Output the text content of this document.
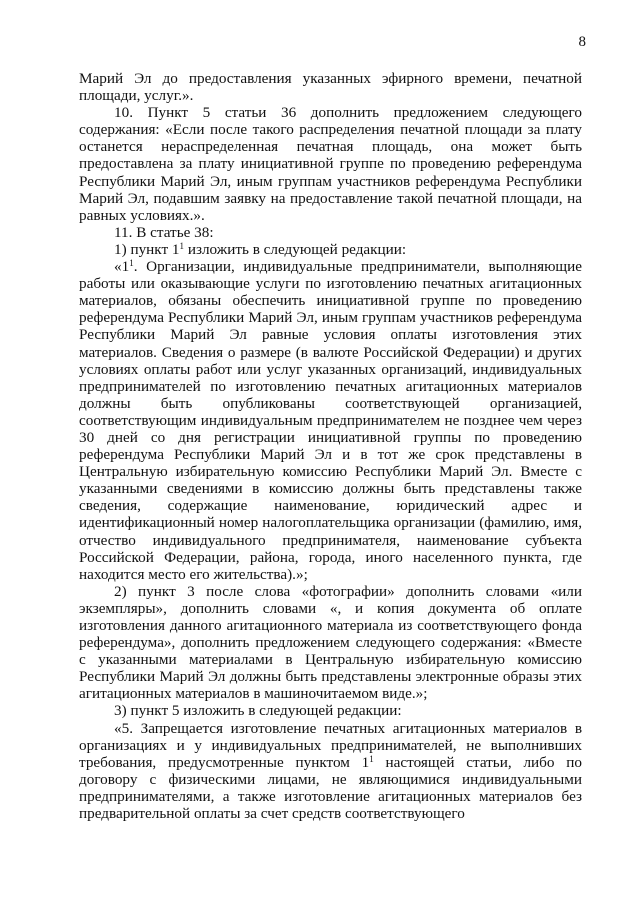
8

Марий Эл до предоставления указанных эфирного времени, печатной площади, услуг.».

10. Пункт 5 статьи 36 дополнить предложением следующего содержания: «Если после такого распределения печатной площади за плату останется нераспределенная печатная площадь, она может быть предоставлена за плату инициативной группе по проведению референдума Республики Марий Эл, иным группам участников референдума Республики Марий Эл, подавшим заявку на предоставление такой печатной площади, на равных условиях.».

11. В статье 38:

1) пункт $1^1$ изложить в следующей редакции:

«$1^1$. Организации, индивидуальные предприниматели, выполняющие работы или оказывающие услуги по изготовлению печатных агитационных материалов, обязаны обеспечить инициативной группе по проведению референдума Республики Марий Эл, иным группам участников референдума Республики Марий Эл равные условия оплаты изготовления этих материалов. Сведения о размере (в валюте Российской Федерации) и других условиях оплаты работ или услуг указанных организаций, индивидуальных предпринимателей по изготовлению печатных агитационных материалов должны быть опубликованы соответствующей организацией, соответствующим индивидуальным предпринимателем не позднее чем через 30 дней со дня регистрации инициативной группы по проведению референдума Республики Марий Эл и в тот же срок представлены в Центральную избирательную комиссию Республики Марий Эл. Вместе с указанными сведениями в комиссию должны быть представлены также сведения, содержащие наименование, юридический адрес и идентификационный номер налогоплательщика организации (фамилию, имя, отчество индивидуального предпринимателя, наименование субъекта Российской Федерации, района, города, иного населенного пункта, где находится место его жительства).»;

2) пункт 3 после слова «фотографии» дополнить словами «или экземпляры», дополнить словами «, и копия документа об оплате изготовления данного агитационного материала из соответствующего фонда референдума», дополнить предложением следующего содержания: «Вместе с указанными материалами в Центральную избирательную комиссию Республики Марий Эл должны быть представлены электронные образы этих агитационных материалов в машиночитаемом виде.»;

3) пункт 5 изложить в следующей редакции:

«5. Запрещается изготовление печатных агитационных материалов в организациях и у индивидуальных предпринимателей, не выполнивших требования, предусмотренные пунктом $1^1$ настоящей статьи, либо по договору с физическими лицами, не являющимися индивидуальными предпринимателями, а также изготовление агитационных материалов без предварительной оплаты за счет средств соответствующего
